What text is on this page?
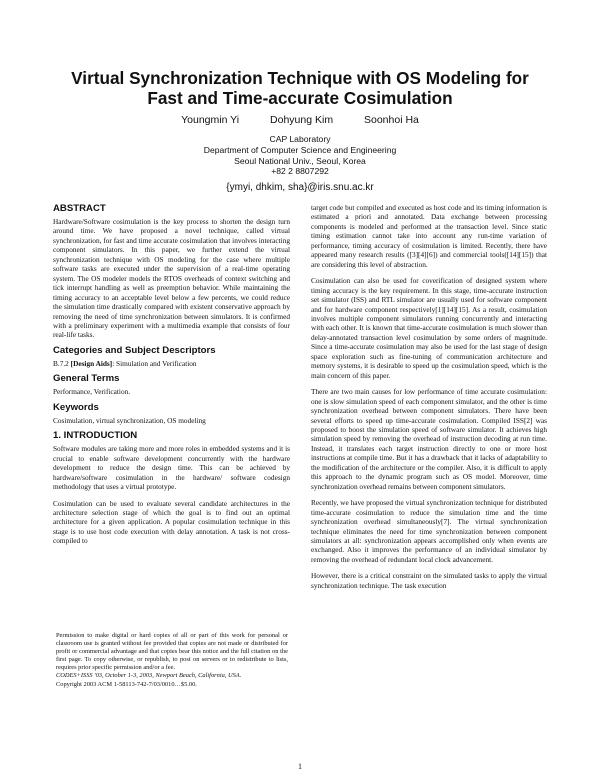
Virtual Synchronization Technique with OS Modeling for Fast and Time-accurate Cosimulation
Youngmin Yi	Dohyung Kim	Soonhoi Ha
CAP Laboratory
Department of Computer Science and Engineering
Seoul National Univ., Seoul, Korea
+82 2 8807292
{ymyi, dhkim, sha}@iris.snu.ac.kr
ABSTRACT

Hardware/Software cosimulation is the key process to shorten the design turn around time. We have proposed a novel technique, called virtual synchronization, for fast and time accurate cosimulation that involves interacting component simulators. In this paper, we further extend the virtual synchronization technique with OS modeling for the case where multiple software tasks are executed under the supervision of a real-time operating system. The OS modeler models the RTOS overheads of context switching and tick interrupt handling as well as preemption behavior. While maintaining the timing accuracy to an acceptable level below a few percents, we could reduce the simulation time drastically compared with existent conservative approach by removing the need of time synchronization between simulators. It is confirmed with a preliminary experiment with a multimedia example that consists of four real-life tasks.

Categories and Subject Descriptors

B.7.2 [Design Aids]: Simulation and Verification

General Terms

Performance, Verification.

Keywords

Cosimulation, virtual synchronization, OS modeling

1. INTRODUCTION

Software modules are taking more and more roles in embedded systems and it is crucial to enable software development concurrently with the hardware development to reduce the design time. This can be achieved by hardware/software cosimulation in the hardware/ software codesign methodology that uses a virtual prototype.

Cosimulation can be used to evaluate several candidate architectures in the architecture selection stage of which the goal is to find out an optimal architecture for a given application. A popular cosimulation technique in this stage is to use host code execution with delay annotation. A task is not cross-compiled to

Permission to make digital or hard copies of all or part of this work for personal or classroom use is granted without fee provided that copies are not made or distributed for profit or commercial advantage and that copies bear this notice and the full citation on the first page. To copy otherwise, or republish, to post on servers or to redistribute to lists, requires prior specific permission and/or a fee.
CODES+ISSS '03, October 1-3, 2003, Newport Beach, California, USA.
Copyright 2003 ACM 1-58113-742-7/03/0010…$5.00.

target code but compiled and executed as host code and its timing information is estimated a priori and annotated. Data exchange between processing components is modeled and performed at the transaction level. Since static timing estimation cannot take into account any run-time variation of performance, timing accuracy of cosimulation is limited. Recently, there have appeared many research results ([3][4][6]) and commercial tools([14][15]) that are considering this level of abstraction.

Cosimulation can also be used for coverification of designed system where timing accuracy is the key requirement. In this stage, time-accurate instruction set simulator (ISS) and RTL simulator are usually used for software component and for hardware component respectively[1][14][15]. As a result, cosimulation involves multiple component simulators running concurrently and interacting with each other. It is known that time-accurate cosimulation is much slower than delay-annotated transaction level cosimulation by some orders of magnitude. Since a time-accurate cosimulation may also be used for the last stage of design space exploration such as fine-tuning of communication architecture and memory systems, it is desirable to speed up the cosimulation speed, which is the main concern of this paper.

There are two main causes for low performance of time accurate cosimulation: one is slow simulation speed of each component simulator, and the other is time synchronization overhead between component simulators. There have been several efforts to speed up time-accurate cosimulation. Compiled ISS[2] was proposed to boost the simulation speed of software simulator. It achieves high simulation speed by removing the overhead of instruction decoding at run time. Instead, it translates each target instruction directly to one or more host instructions at compile time. But it has a drawback that it lacks of adaptability to the modification of the architecture or the compiler. Also, it is difficult to apply this approach to the dynamic program such as OS model. Moreover, time synchronization overhead remains between component simulators.

Recently, we have proposed the virtual synchronization technique for distributed time-accurate cosimulation to reduce the simulation time and the time synchronization overhead simultaneously[7]. The virtual synchronization technique eliminates the need for time synchronization between component simulators at all: synchronization appears accomplished only when events are exchanged. Also it improves the performance of an individual simulator by removing the overhead of redundant local clock advancement.

However, there is a critical constraint on the simulated tasks to apply the virtual synchronization technique. The task execution

1
